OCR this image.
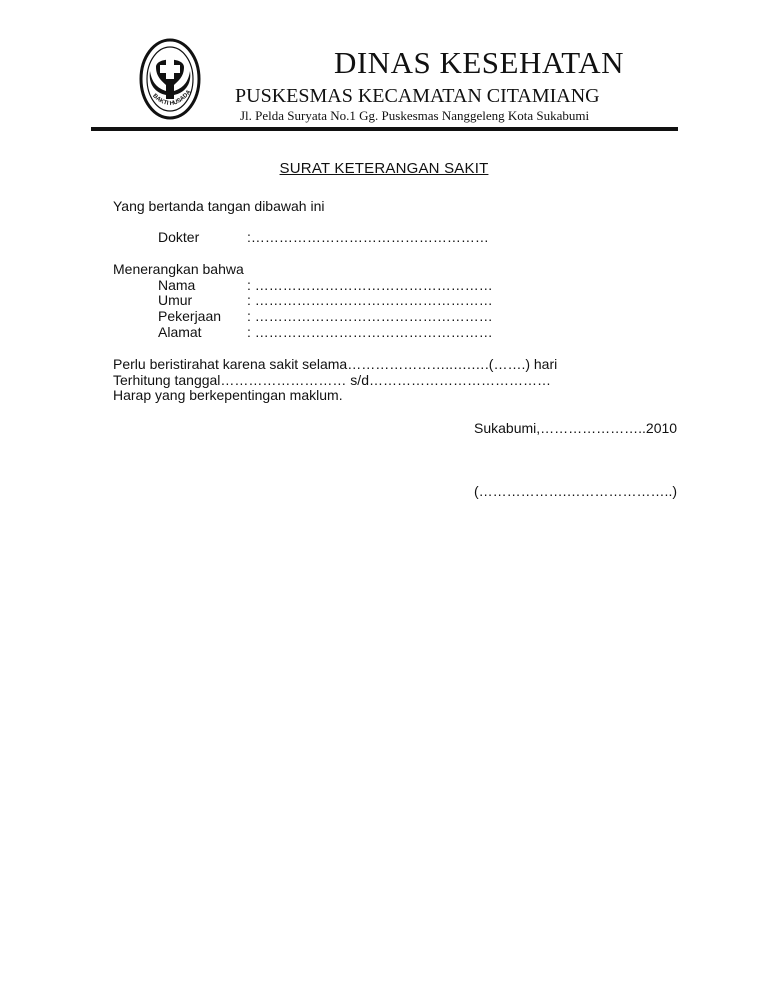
BAKTI HUSADA
DINAS KESEHATAN
PUSKESMAS KECAMATAN CITAMIANG
Jl. Pelda Suryata No.1 Gg. Puskesmas Nanggeleng Kota Sukabumi
SURAT KETERANGAN SAKIT
Yang bertanda tangan dibawah ini
Dokter	:……………………………………………
Menerangkan bahwa
Nama	: ……………………………………………
Umur	: ……………………………………………
Pekerjaan : ……………………………………………
Alamat	: ……………………………………………
Perlu beristirahat karena sakit selama…………………..….….(…….) hari
Terhitung tanggal……………………… s/d…………………………………
Harap yang berkepentingan maklum.
Sukabumi,…………………..2010
(……………….…………………..)
